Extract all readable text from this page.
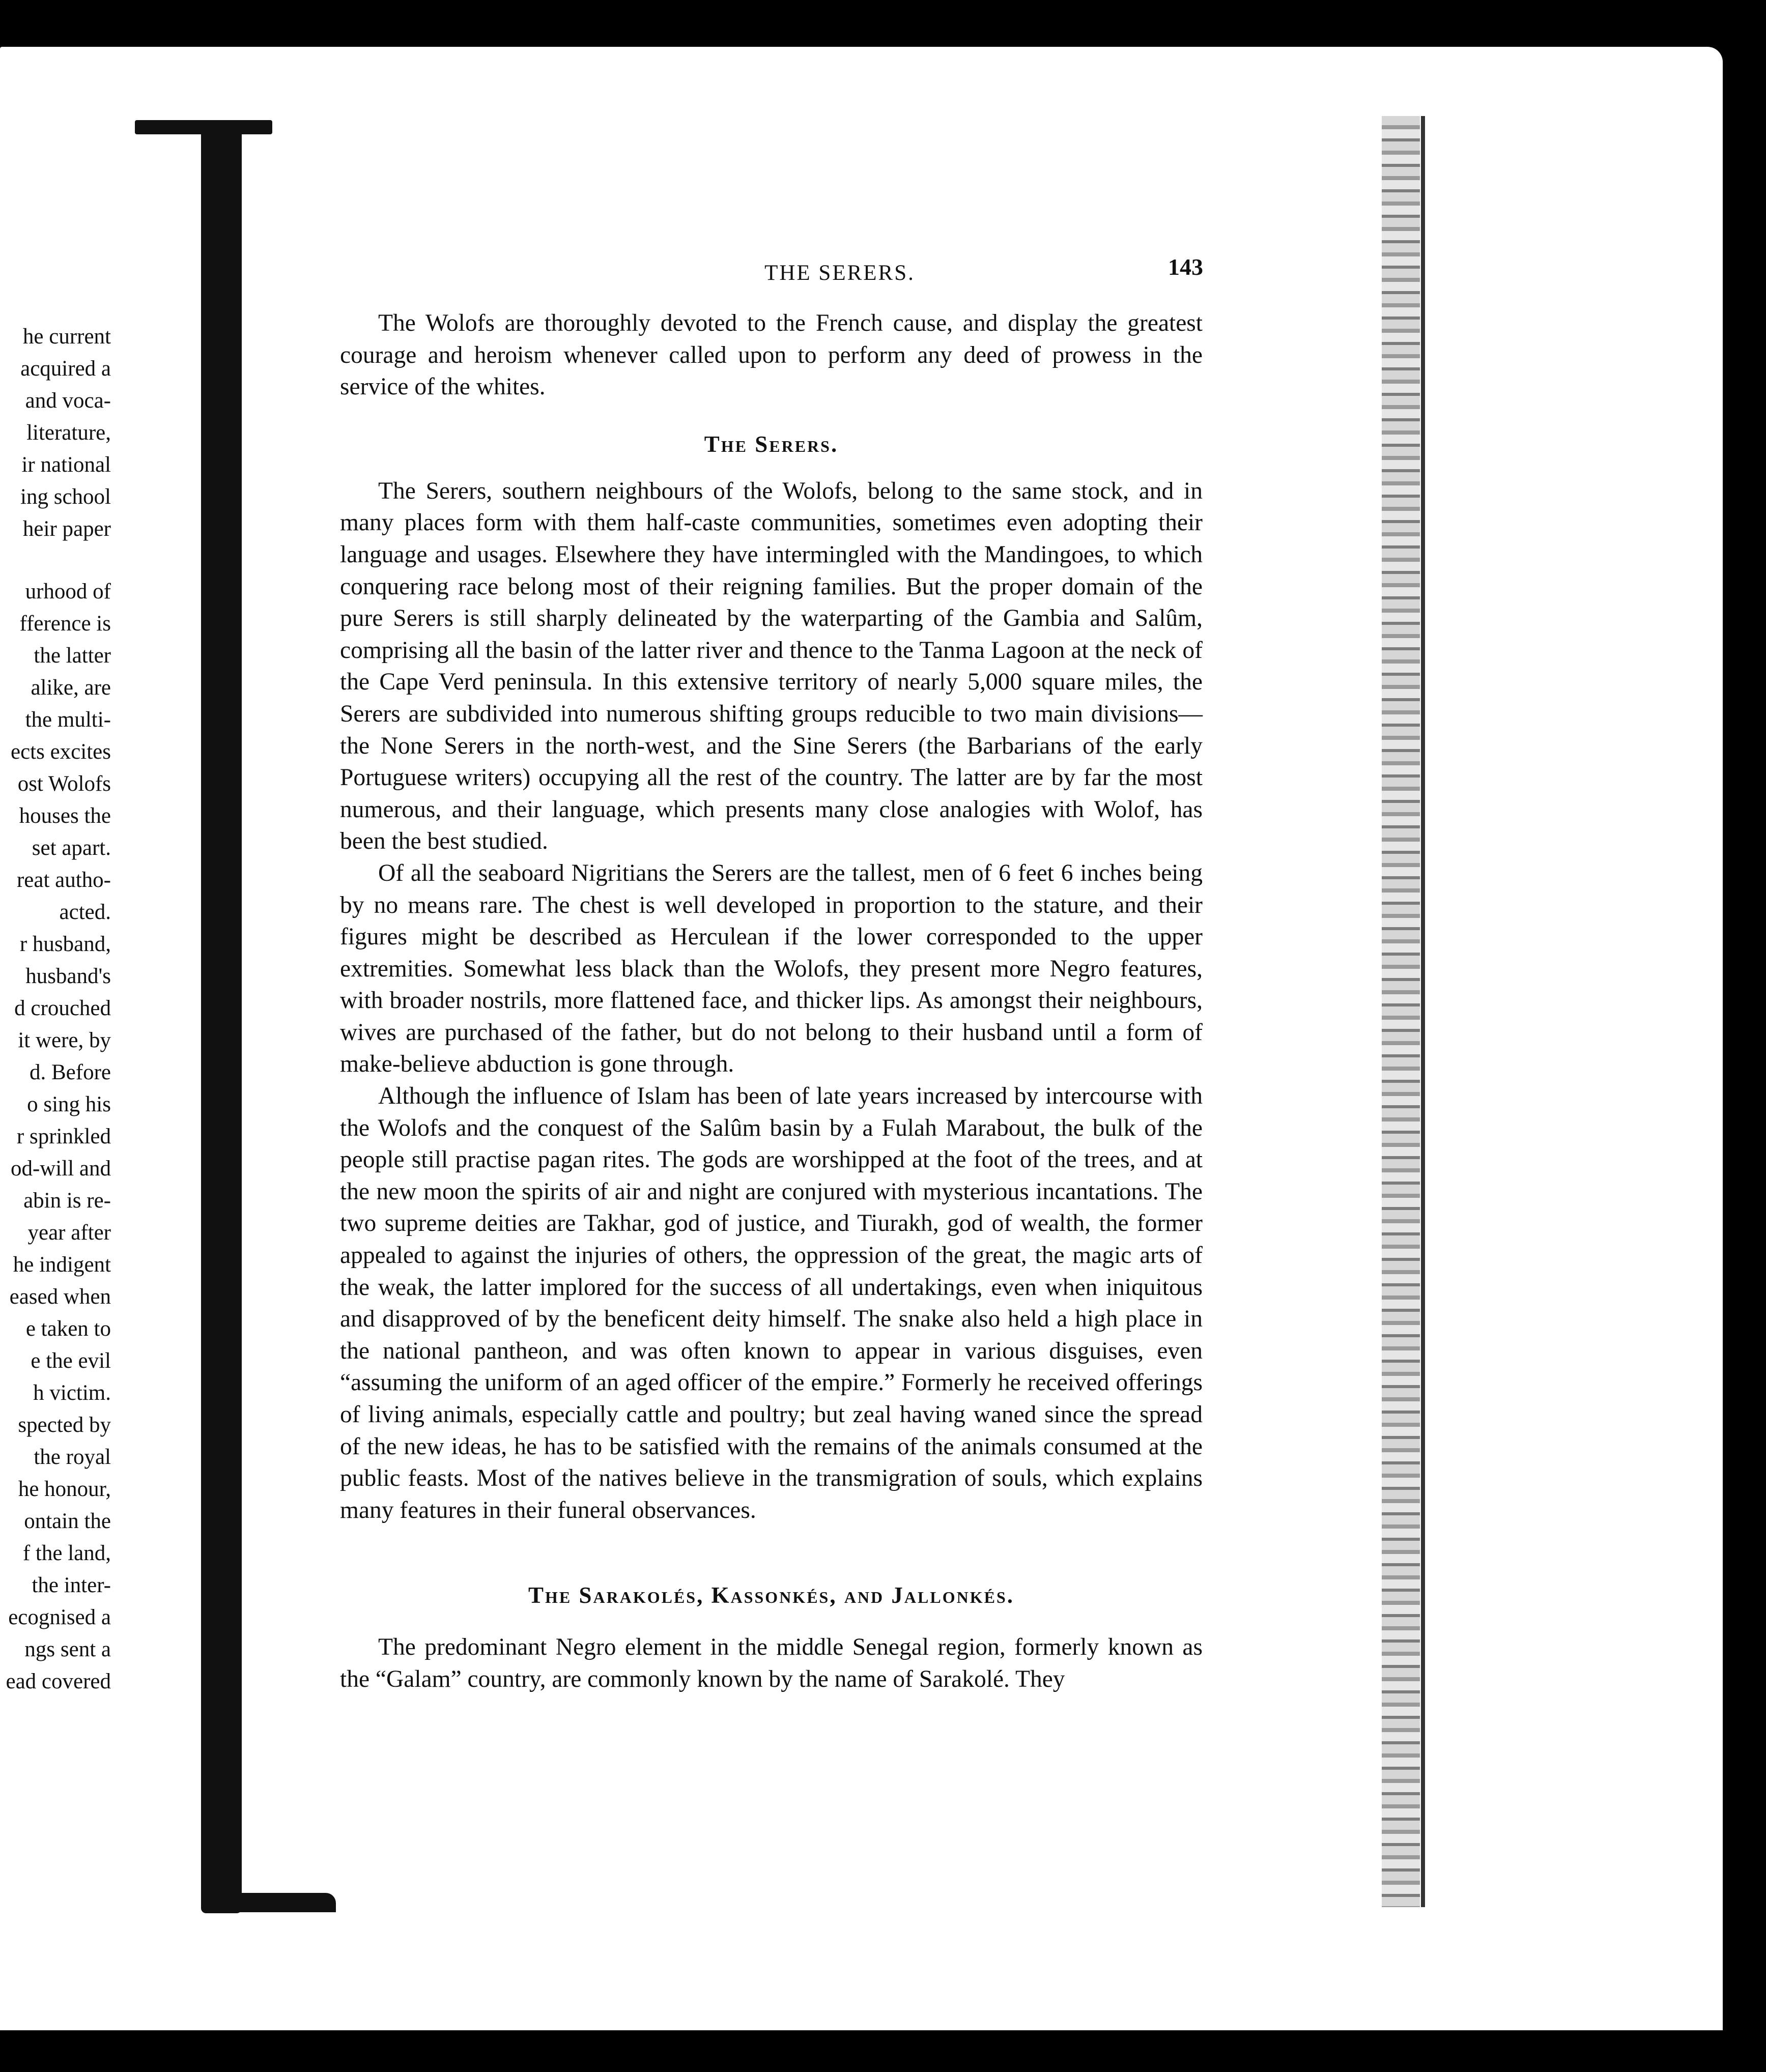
he current
acquired a
and voca-
literature,
ir national
ing school
heir paper
urhood of
fference is
the latter
alike, are
the multi-
ects excites
ost Wolofs
houses the
set apart.
reat autho-
acted.
r husband,
husband's
d crouched
it were, by
d. Before
o sing his
r sprinkled
od-will and
abin is re-
year after
he indigent
eased when
e taken to
e the evil
h victim.
spected by
the royal
he honour,
ontain the
f the land,
the inter-
ecognised a
ngs sent a
ead covered
THE SERERS.	143

The Wolofs are thoroughly devoted to the French cause, and display the greatest courage and heroism whenever called upon to perform any deed of prowess in the service of the whites.

The Serers.

The Serers, southern neighbours of the Wolofs, belong to the same stock, and in many places form with them half-caste communities, sometimes even adopting their language and usages. Elsewhere they have intermingled with the Mandingoes, to which conquering race belong most of their reigning families. But the proper domain of the pure Serers is still sharply delineated by the waterparting of the Gambia and Salûm, comprising all the basin of the latter river and thence to the Tanma Lagoon at the neck of the Cape Verd peninsula. In this extensive territory of nearly 5,000 square miles, the Serers are subdivided into numerous shifting groups reducible to two main divisions—the None Serers in the north-west, and the Sine Serers (the Barbarians of the early Portuguese writers) occupying all the rest of the country. The latter are by far the most numerous, and their language, which presents many close analogies with Wolof, has been the best studied.

Of all the seaboard Nigritians the Serers are the tallest, men of 6 feet 6 inches being by no means rare. The chest is well developed in proportion to the stature, and their figures might be described as Herculean if the lower corresponded to the upper extremities. Somewhat less black than the Wolofs, they present more Negro features, with broader nostrils, more flattened face, and thicker lips. As amongst their neighbours, wives are purchased of the father, but do not belong to their husband until a form of make-believe abduction is gone through.

Although the influence of Islam has been of late years increased by intercourse with the Wolofs and the conquest of the Salûm basin by a Fulah Marabout, the bulk of the people still practise pagan rites. The gods are worshipped at the foot of the trees, and at the new moon the spirits of air and night are conjured with mysterious incantations. The two supreme deities are Takhar, god of justice, and Tiurakh, god of wealth, the former appealed to against the injuries of others, the oppression of the great, the magic arts of the weak, the latter implored for the success of all undertakings, even when iniquitous and disapproved of by the beneficent deity himself. The snake also held a high place in the national pantheon, and was often known to appear in various disguises, even “assuming the uniform of an aged officer of the empire.” Formerly he received offerings of living animals, especially cattle and poultry; but zeal having waned since the spread of the new ideas, he has to be satisfied with the remains of the animals consumed at the public feasts. Most of the natives believe in the transmigration of souls, which explains many features in their funeral observances.

The Sarakolés, Kassonkés, and Jallonkés.

The predominant Negro element in the middle Senegal region, formerly known as the “Galam” country, are commonly known by the name of Sarakolé. They
